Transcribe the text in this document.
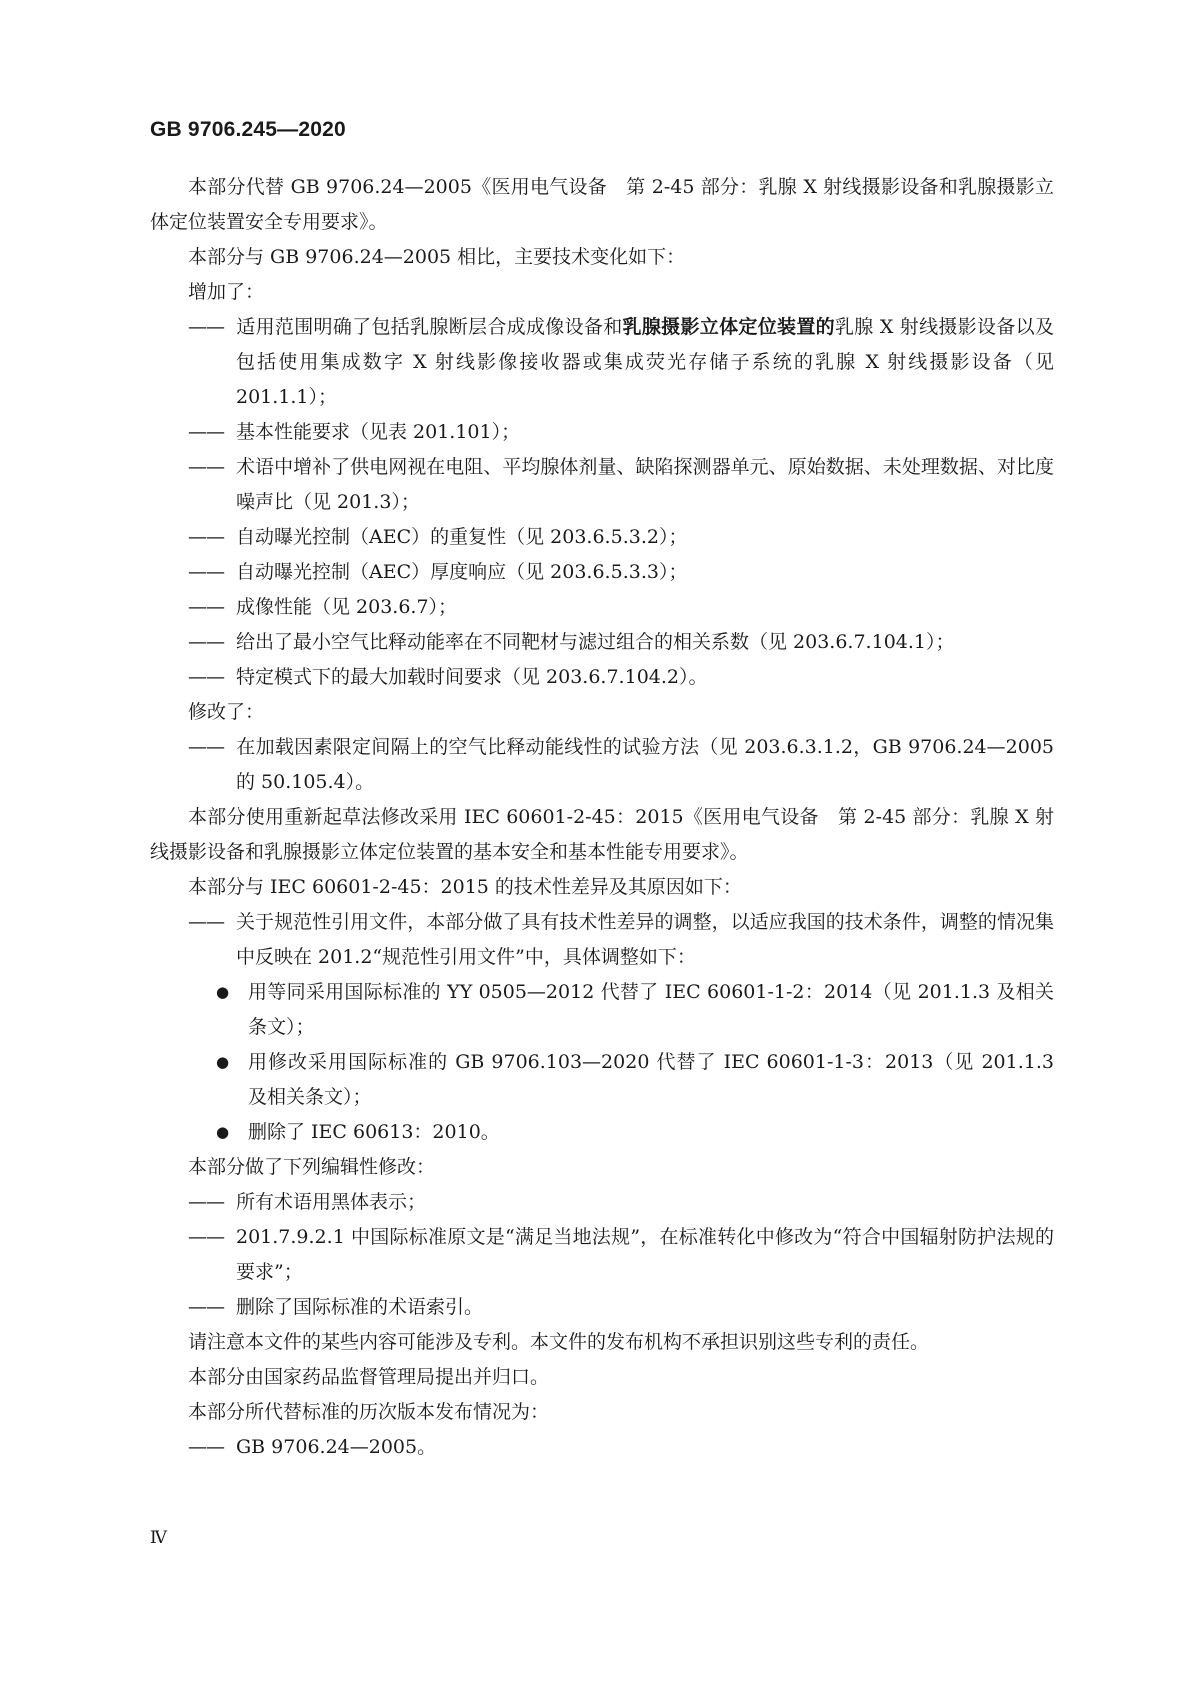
GB 9706.245—2020

本部分代替 GB 9706.24—2005《医用电气设备　第 2-45 部分：乳腺 X 射线摄影设备和乳腺摄影立体定位装置安全专用要求》。

本部分与 GB 9706.24—2005 相比，主要技术变化如下：

增加了：

—— 适用范围明确了包括乳腺断层合成成像设备和乳腺摄影立体定位装置的乳腺 X 射线摄影设备以及包括使用集成数字 X 射线影像接收器或集成荧光存储子系统的乳腺 X 射线摄影设备（见 201.1.1）；

—— 基本性能要求（见表 201.101）；

—— 术语中增补了供电网视在电阻、平均腺体剂量、缺陷探测器单元、原始数据、未处理数据、对比度噪声比（见 201.3）；

—— 自动曝光控制（AEC）的重复性（见 203.6.5.3.2）；

—— 自动曝光控制（AEC）厚度响应（见 203.6.5.3.3）；

—— 成像性能（见 203.6.7）；

—— 给出了最小空气比释动能率在不同靶材与滤过组合的相关系数（见 203.6.7.104.1）；

—— 特定模式下的最大加载时间要求（见 203.6.7.104.2）。

修改了：

—— 在加载因素限定间隔上的空气比释动能线性的试验方法（见 203.6.3.1.2，GB 9706.24—2005 的 50.105.4）。

本部分使用重新起草法修改采用 IEC 60601-2-45：2015《医用电气设备　第 2-45 部分：乳腺 X 射线摄影设备和乳腺摄影立体定位装置的基本安全和基本性能专用要求》。

本部分与 IEC 60601-2-45：2015 的技术性差异及其原因如下：

—— 关于规范性引用文件，本部分做了具有技术性差异的调整，以适应我国的技术条件，调整的情况集中反映在 201.2“规范性引用文件”中，具体调整如下：

● 用等同采用国际标准的 YY 0505—2012 代替了 IEC 60601-1-2：2014（见 201.1.3 及相关条文）；

● 用修改采用国际标准的 GB 9706.103—2020 代替了 IEC 60601-1-3：2013（见 201.1.3 及相关条文）；

● 删除了 IEC 60613：2010。

本部分做了下列编辑性修改：

—— 所有术语用黑体表示；

—— 201.7.9.2.1 中国际标准原文是“满足当地法规”，在标准转化中修改为“符合中国辐射防护法规的要求”；

—— 删除了国际标准的术语索引。

请注意本文件的某些内容可能涉及专利。本文件的发布机构不承担识别这些专利的责任。

本部分由国家药品监督管理局提出并归口。

本部分所代替标准的历次版本发布情况为：

—— GB 9706.24—2005。

Ⅳ
